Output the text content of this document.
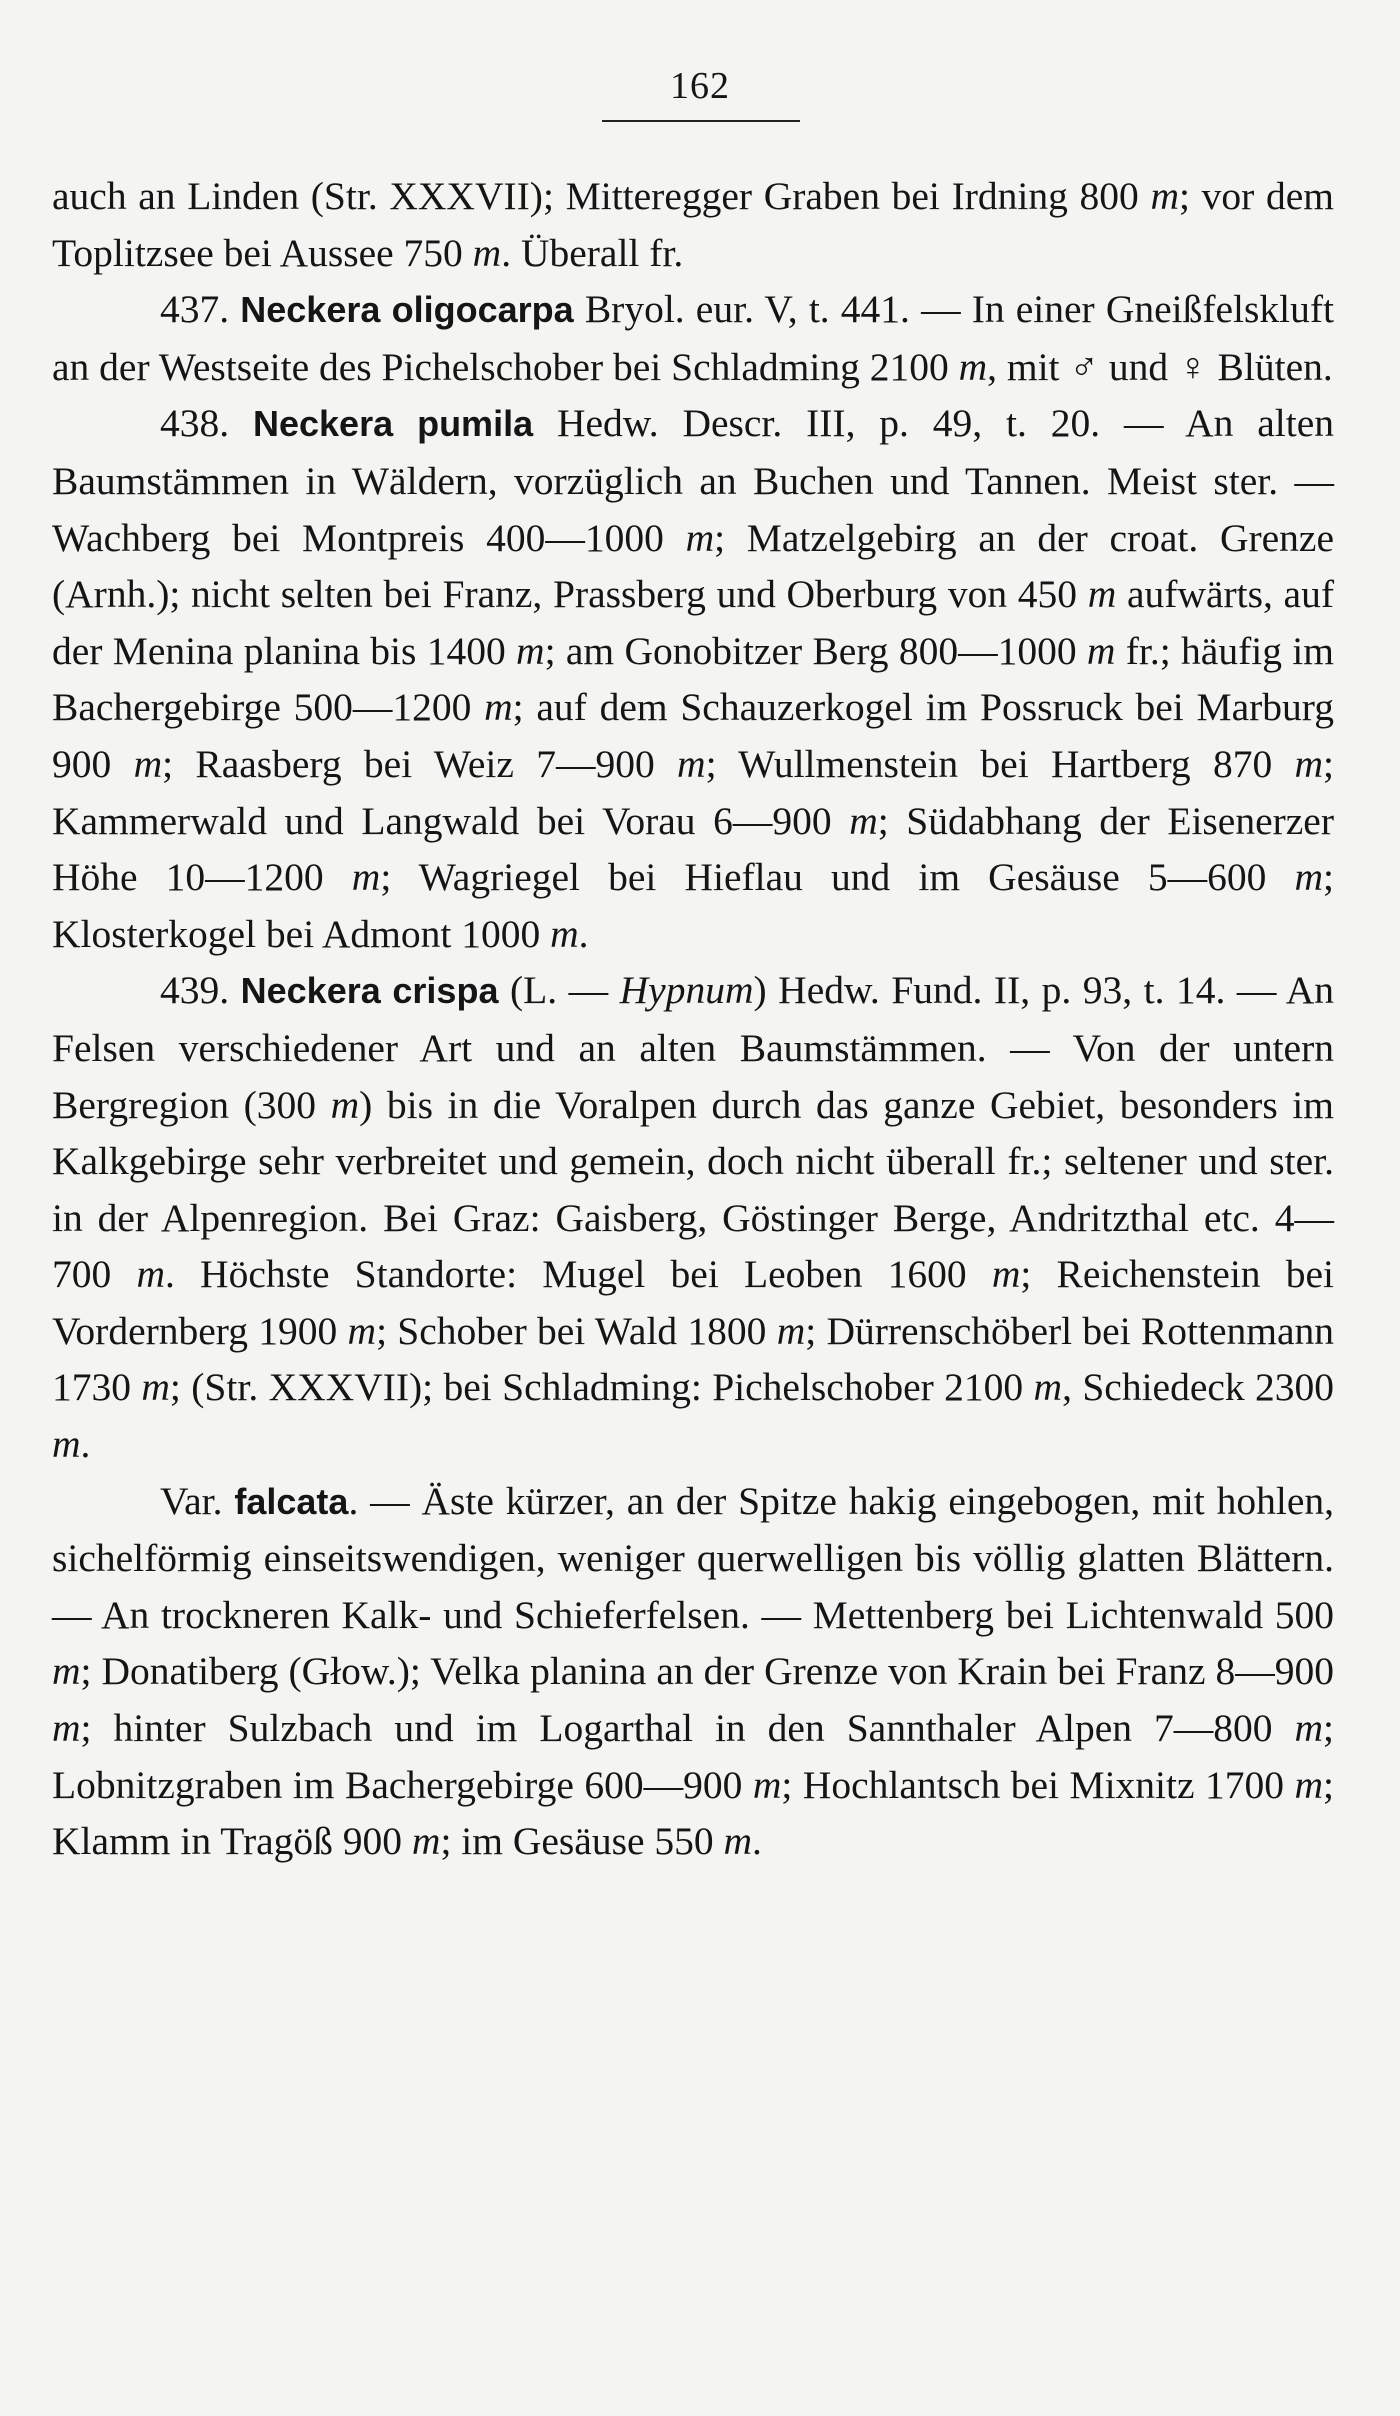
162

auch an Linden (Str. XXXVII); Mitteregger Graben bei Irdning 800 m; vor dem Toplitzsee bei Aussee 750 m. Überall fr.

437. Neckera oligocarpa Bryol. eur. V, t. 441. — In einer Gneißfelskluft an der Westseite des Pichelschober bei Schladming 2100 m, mit ♂ und ♀ Blüten.

438. Neckera pumila Hedw. Descr. III, p. 49, t. 20. — An alten Baumstämmen in Wäldern, vorzüglich an Buchen und Tannen. Meist ster. — Wachberg bei Montpreis 400—1000 m; Matzelgebirg an der croat. Grenze (Arnh.); nicht selten bei Franz, Prassberg und Oberburg von 450 m aufwärts, auf der Menina planina bis 1400 m; am Gonobitzer Berg 800—1000 m fr.; häufig im Bachergebirge 500—1200 m; auf dem Schauzerkogel im Possruck bei Marburg 900 m; Raasberg bei Weiz 7—900 m; Wullmenstein bei Hartberg 870 m; Kammerwald und Langwald bei Vorau 6—900 m; Südabhang der Eisenerzer Höhe 10—1200 m; Wagriegel bei Hieflau und im Gesäuse 5—600 m; Klosterkogel bei Admont 1000 m.

439. Neckera crispa (L. — Hypnum) Hedw. Fund. II, p. 93, t. 14. — An Felsen verschiedener Art und an alten Baumstämmen. — Von der untern Bergregion (300 m) bis in die Voralpen durch das ganze Gebiet, besonders im Kalkgebirge sehr verbreitet und gemein, doch nicht überall fr.; seltener und ster. in der Alpenregion. Bei Graz: Gaisberg, Göstinger Berge, Andritzthal etc. 4—700 m. Höchste Standorte: Mugel bei Leoben 1600 m; Reichenstein bei Vordernberg 1900 m; Schober bei Wald 1800 m; Dürrenschöberl bei Rottenmann 1730 m; (Str. XXXVII); bei Schladming: Pichelschober 2100 m, Schiedeck 2300 m.

Var. falcata. — Äste kürzer, an der Spitze hakig eingebogen, mit hohlen, sichelförmig einseitswendigen, weniger querwelligen bis völlig glatten Blättern. — An trockneren Kalk- und Schieferfelsen. — Mettenberg bei Lichtenwald 500 m; Donatiberg (Głow.); Velka planina an der Grenze von Krain bei Franz 8—900 m; hinter Sulzbach und im Logarthal in den Sannthaler Alpen 7—800 m; Lobnitzgraben im Bachergebirge 600—900 m; Hochlantsch bei Mixnitz 1700 m; Klamm in Tragöß 900 m; im Gesäuse 550 m.
